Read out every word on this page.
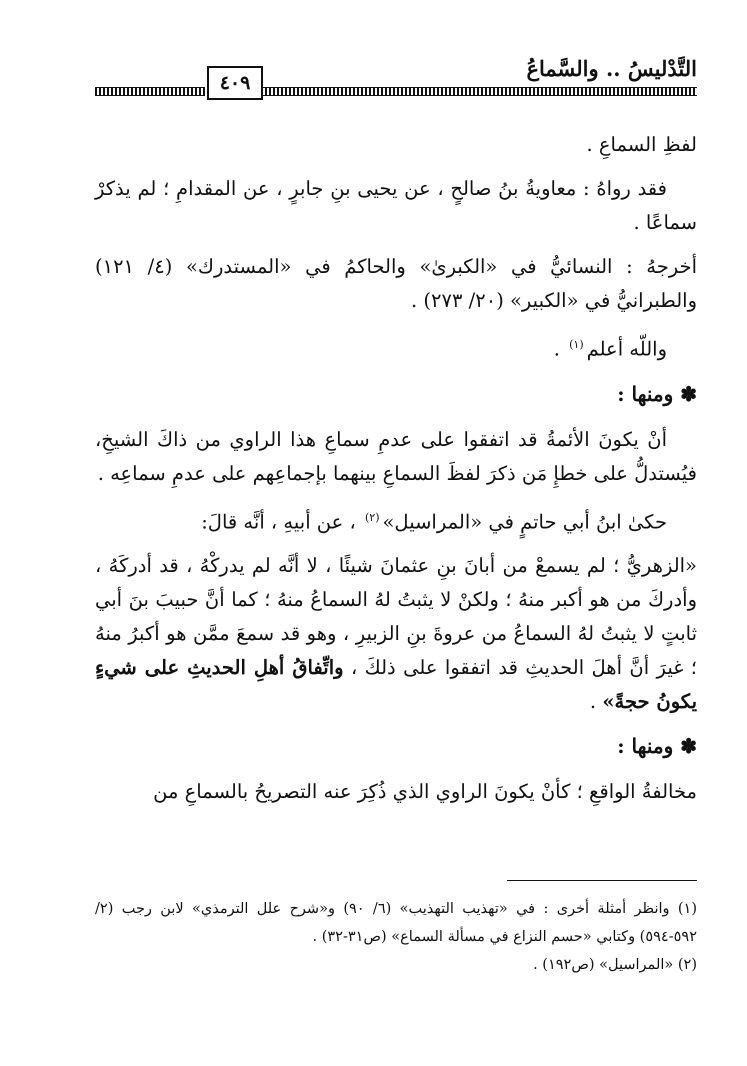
التَّدْليسُ .. والسَّماعُ
٤٠٩

لفظِ السماعِ .

فقد رواهُ : معاويةُ بنُ صالحٍ ، عن يحيى بنِ جابرٍ ، عن المقدامِ ؛ لم يذكرْ سماعًا .

أخرجهُ : النسائيُّ في «الكبرىٰ» والحاكمُ في «المستدرك» (٤/ ١٢١) والطبرانيُّ في «الكبير» (٢٠/ ٢٧٣) .

واللّه أعلم$^{(١)}$ .

✽ ومنها :

أنْ يكونَ الأئمةُ قد اتفقوا على عدمِ سماعِ هذا الراوي من ذاكَ الشيخِ، فيُستدلُّ على خطإِ مَن ذكرَ لفظَ السماعِ بينهما بإجماعِهم على عدمِ سماعِه .

حكىٰ ابنُ أبي حاتمٍ في «المراسيل»$^{(٢)}$ ، عن أبيهِ ، أنَّه قالَ:

«الزهريُّ ؛ لم يسمعْ من أبانَ بنِ عثمانَ شيئًا ، لا أنَّه لم يدركْهُ ، قد أدركَهُ ، وأدركَ من هو أكبر منهُ ؛ ولكنْ لا يثبتُ لهُ السماعُ منهُ ؛ كما أنَّ حبيبَ بنَ أبي ثابتٍ لا يثبتُ لهُ السماعُ من عروةَ بنِ الزبيرِ ، وهو قد سمعَ ممَّن هو أكبرُ منهُ ؛ غيرَ أنَّ أهلَ الحديثِ قد اتفقوا على ذلكَ ، واتِّفاقُ أهلِ الحديثِ على شيءٍ يكونُ حجةً» .

✽ ومنها :

مخالفةُ الواقعِ ؛ كأنْ يكونَ الراوي الذي ذُكِرَ عنه التصريحُ بالسماعِ من

(١) وانظر أمثلة أخرى : في «تهذيب التهذيب» (٦/ ٩٠) و«شرح علل الترمذي» لابن رجب (٢/ ٥٩٢-٥٩٤) وكتابي «حسم النزاع في مسألة السماع» (ص٣١-٣٢) .

(٢) «المراسيل» (ص١٩٢) .
